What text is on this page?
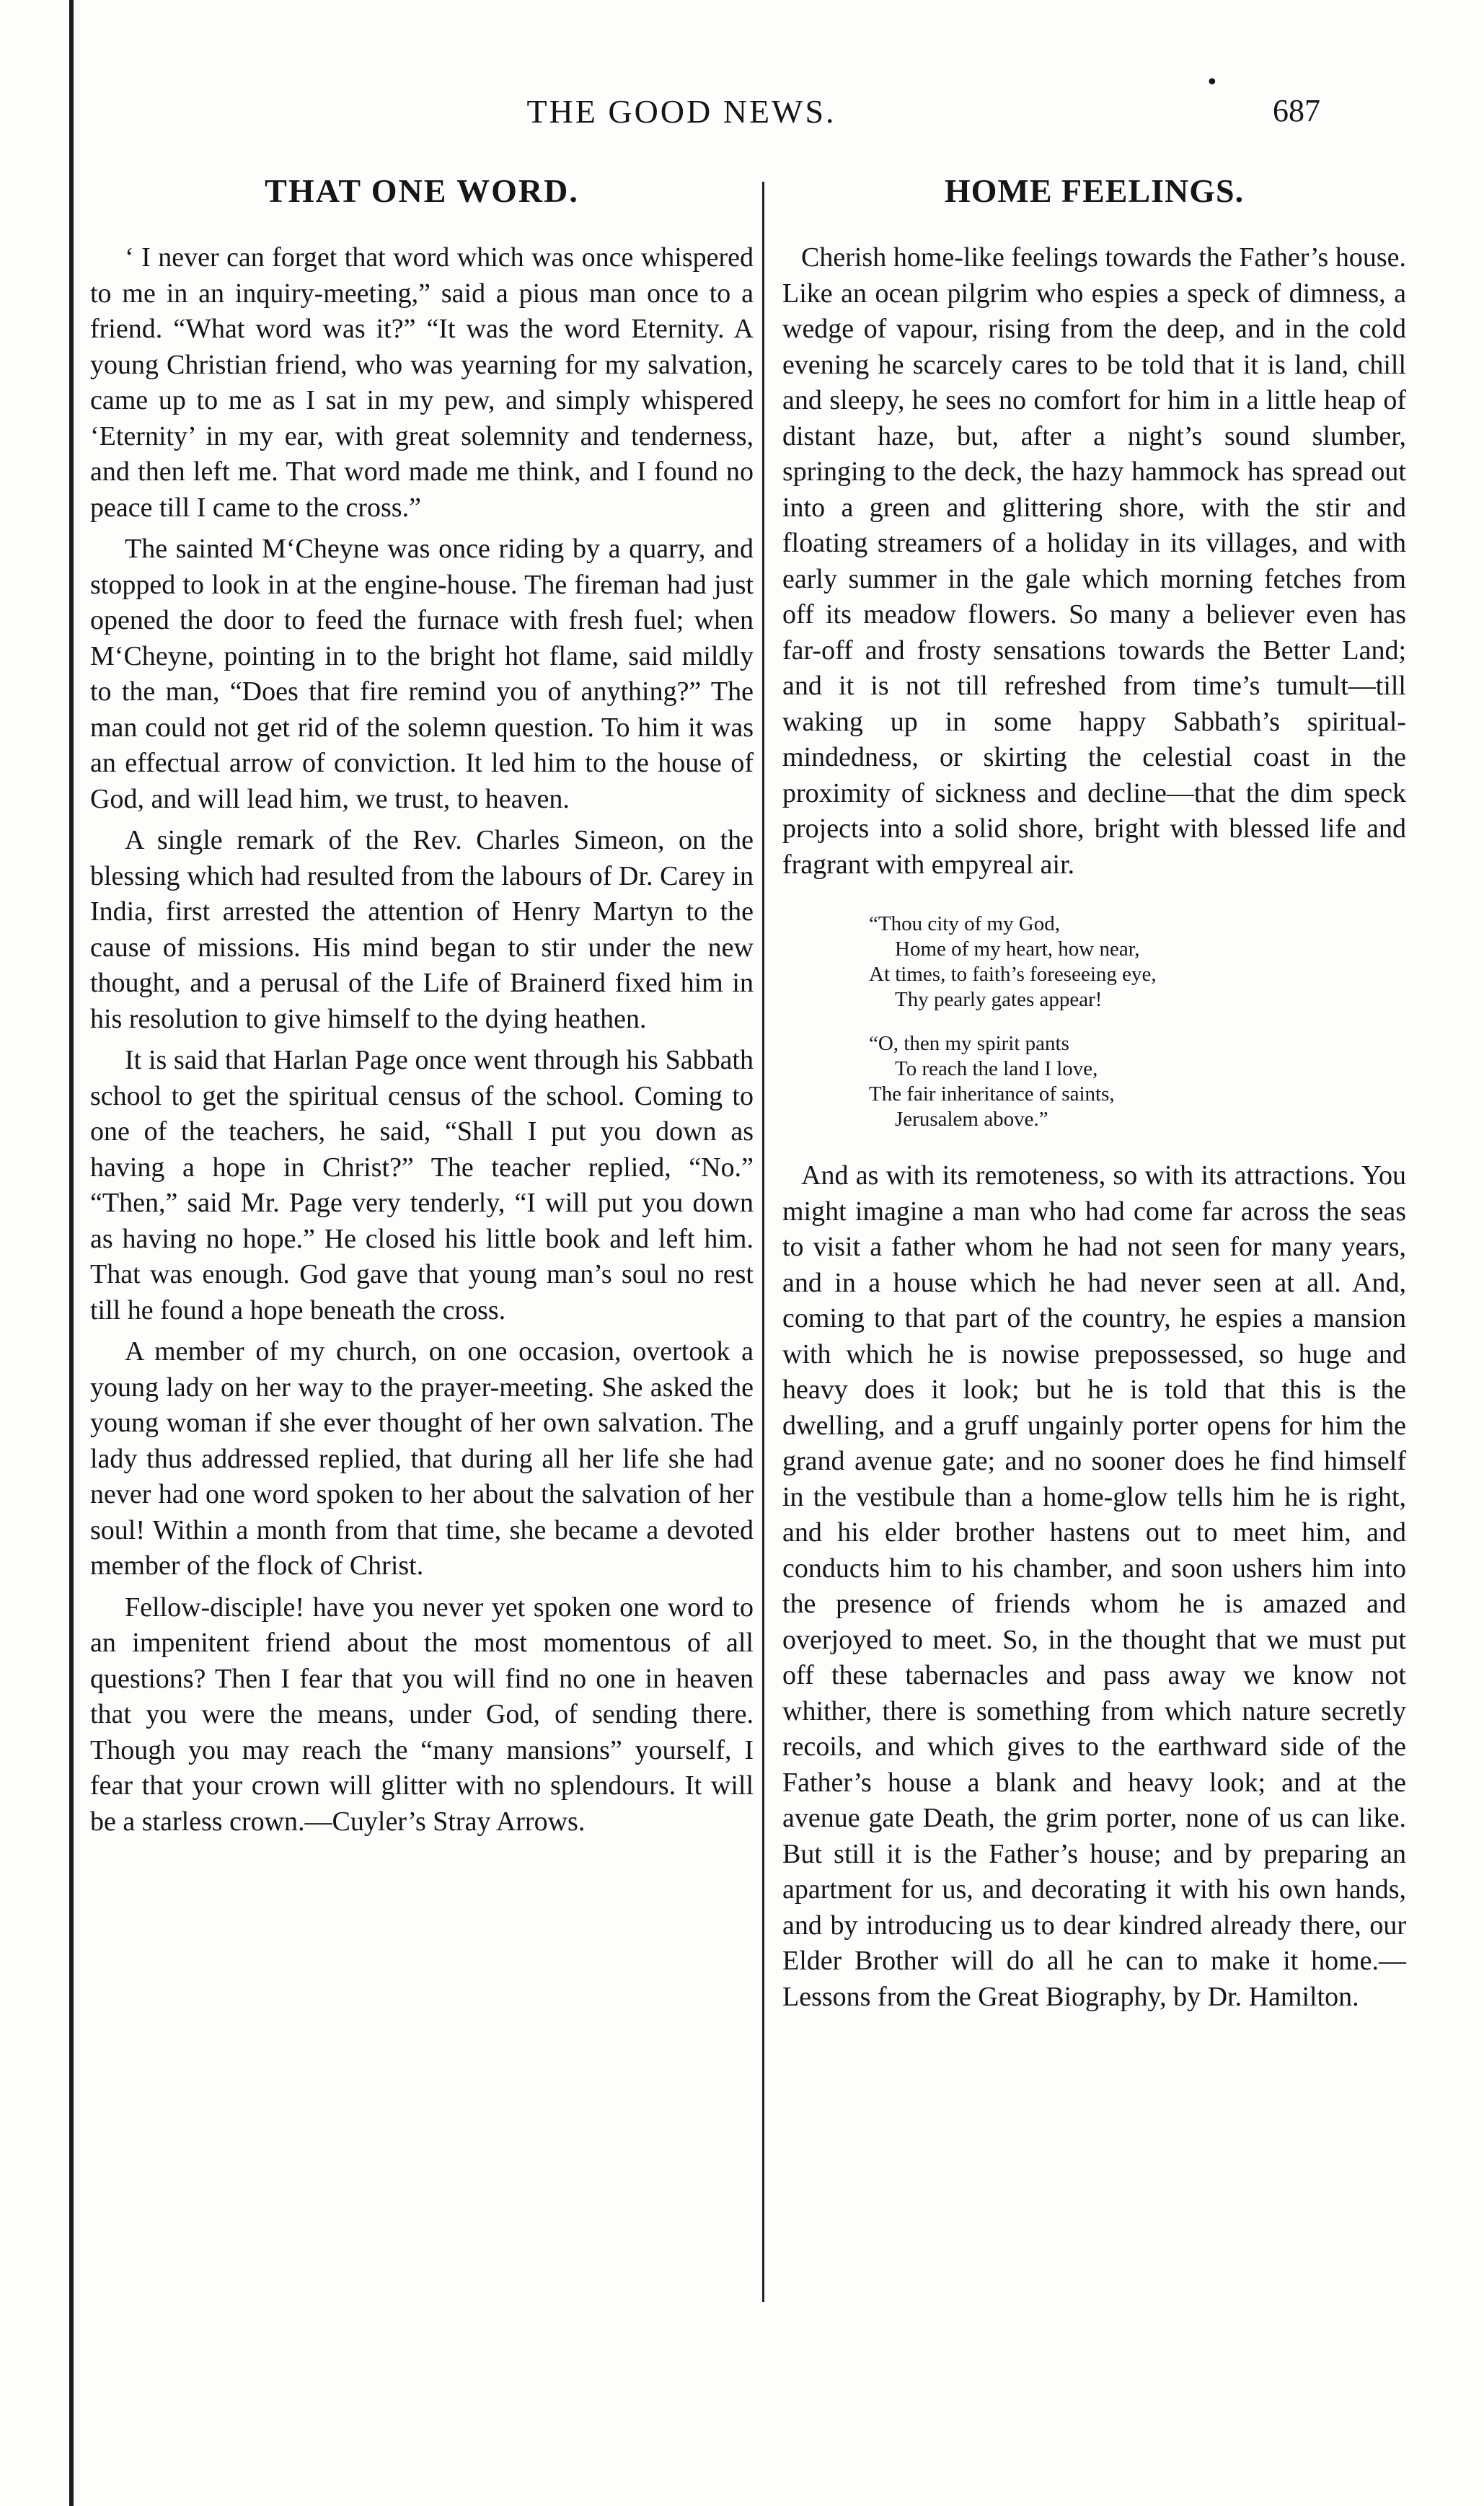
•
THE GOOD NEWS.	687
THAT ONE WORD.

‘ I never can forget that word which was once whispered to me in an inquiry-meeting,” said a pious man once to a friend. “What word was it?” “It was the word Eternity. A young Christian friend, who was yearning for my salvation, came up to me as I sat in my pew, and simply whispered ‘Eternity’ in my ear, with great solemnity and tenderness, and then left me. That word made me think, and I found no peace till I came to the cross.”

The sainted M‘Cheyne was once riding by a quarry, and stopped to look in at the engine-house. The fireman had just opened the door to feed the furnace with fresh fuel; when M‘Cheyne, pointing in to the bright hot flame, said mildly to the man, “Does that fire remind you of anything?” The man could not get rid of the solemn question. To him it was an effectual arrow of conviction. It led him to the house of God, and will lead him, we trust, to heaven.

A single remark of the Rev. Charles Simeon, on the blessing which had resulted from the labours of Dr. Carey in India, first arrested the attention of Henry Martyn to the cause of missions. His mind began to stir under the new thought, and a perusal of the Life of Brainerd fixed him in his resolution to give himself to the dying heathen.

It is said that Harlan Page once went through his Sabbath school to get the spiritual census of the school. Coming to one of the teachers, he said, “Shall I put you down as having a hope in Christ?” The teacher replied, “No.” “Then,” said Mr. Page very tenderly, “I will put you down as having no hope.” He closed his little book and left him. That was enough. God gave that young man’s soul no rest till he found a hope beneath the cross.

A member of my church, on one occasion, overtook a young lady on her way to the prayer-meeting. She asked the young woman if she ever thought of her own salvation. The lady thus addressed replied, that during all her life she had never had one word spoken to her about the salvation of her soul! Within a month from that time, she became a devoted member of the flock of Christ.

Fellow-disciple! have you never yet spoken one word to an impenitent friend about the most momentous of all questions? Then I fear that you will find no one in heaven that you were the means, under God, of sending there. Though you may reach the “many mansions” yourself, I fear that your crown will glitter with no splendours. It will be a starless crown.—Cuyler’s Stray Arrows.

HOME FEELINGS.

Cherish home-like feelings towards the Father’s house. Like an ocean pilgrim who espies a speck of dimness, a wedge of vapour, rising from the deep, and in the cold evening he scarcely cares to be told that it is land, chill and sleepy, he sees no comfort for him in a little heap of distant haze, but, after a night’s sound slumber, springing to the deck, the hazy hammock has spread out into a green and glittering shore, with the stir and floating streamers of a holiday in its villages, and with early summer in the gale which morning fetches from off its meadow flowers. So many a believer even has far-off and frosty sensations towards the Better Land; and it is not till refreshed from time’s tumult—till waking up in some happy Sabbath’s spiritual-mindedness, or skirting the celestial coast in the proximity of sickness and decline—that the dim speck projects into a solid shore, bright with blessed life and fragrant with empyreal air.

“Thou city of my God,
Home of my heart, how near,
At times, to faith’s foreseeing eye,
Thy pearly gates appear!
“O, then my spirit pants
To reach the land I love,
The fair inheritance of saints,
Jerusalem above.”

And as with its remoteness, so with its attractions. You might imagine a man who had come far across the seas to visit a father whom he had not seen for many years, and in a house which he had never seen at all. And, coming to that part of the country, he espies a mansion with which he is nowise prepossessed, so huge and heavy does it look; but he is told that this is the dwelling, and a gruff ungainly porter opens for him the grand avenue gate; and no sooner does he find himself in the vestibule than a home-glow tells him he is right, and his elder brother hastens out to meet him, and conducts him to his chamber, and soon ushers him into the presence of friends whom he is amazed and overjoyed to meet. So, in the thought that we must put off these tabernacles and pass away we know not whither, there is something from which nature secretly recoils, and which gives to the earthward side of the Father’s house a blank and heavy look; and at the avenue gate Death, the grim porter, none of us can like. But still it is the Father’s house; and by preparing an apartment for us, and decorating it with his own hands, and by introducing us to dear kindred already there, our Elder Brother will do all he can to make it home.—Lessons from the Great Biography, by Dr. Hamilton.
